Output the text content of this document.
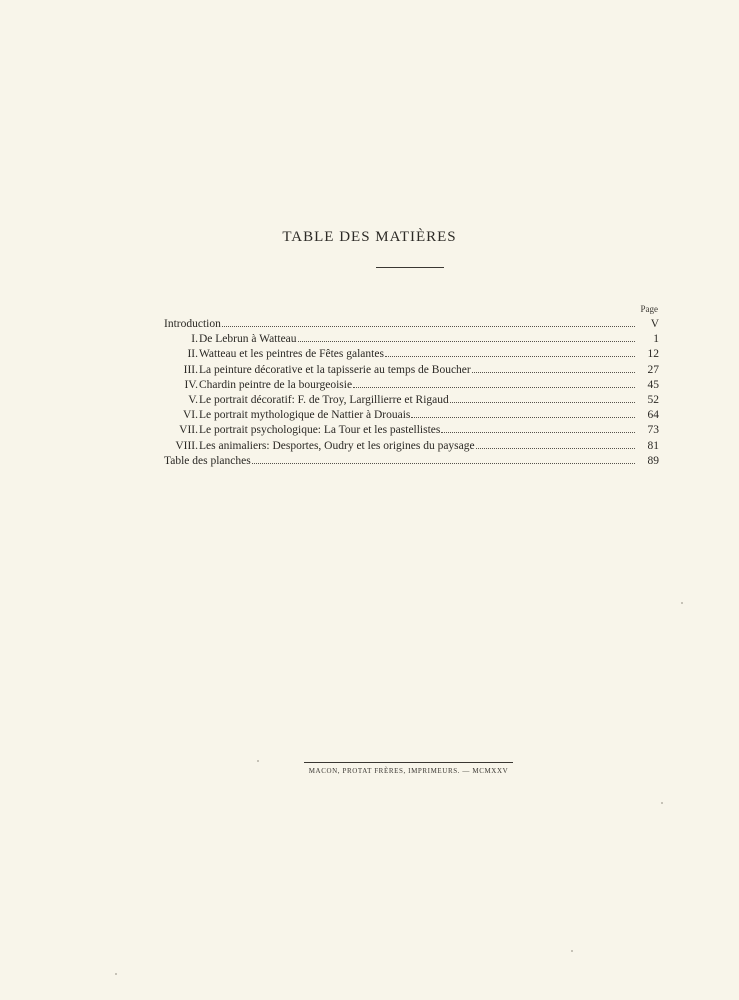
TABLE DES MATIÈRES
Page
Introduction	V
I. De Lebrun à Watteau	1
II. Watteau et les peintres de Fêtes galantes	12
III. La peinture décorative et la tapisserie au temps de Boucher	27
IV. Chardin peintre de la bourgeoisie	45
V. Le portrait décoratif: F. de Troy, Largillierre et Rigaud	52
VI. Le portrait mythologique de Nattier à Drouais	64
VII. Le portrait psychologique: La Tour et les pastellistes	73
VIII. Les animaliers: Desportes, Oudry et les origines du paysage	81
Table des planches	89
MACON, PROTAT FRÈRES, IMPRIMEURS. — MCMXXV
